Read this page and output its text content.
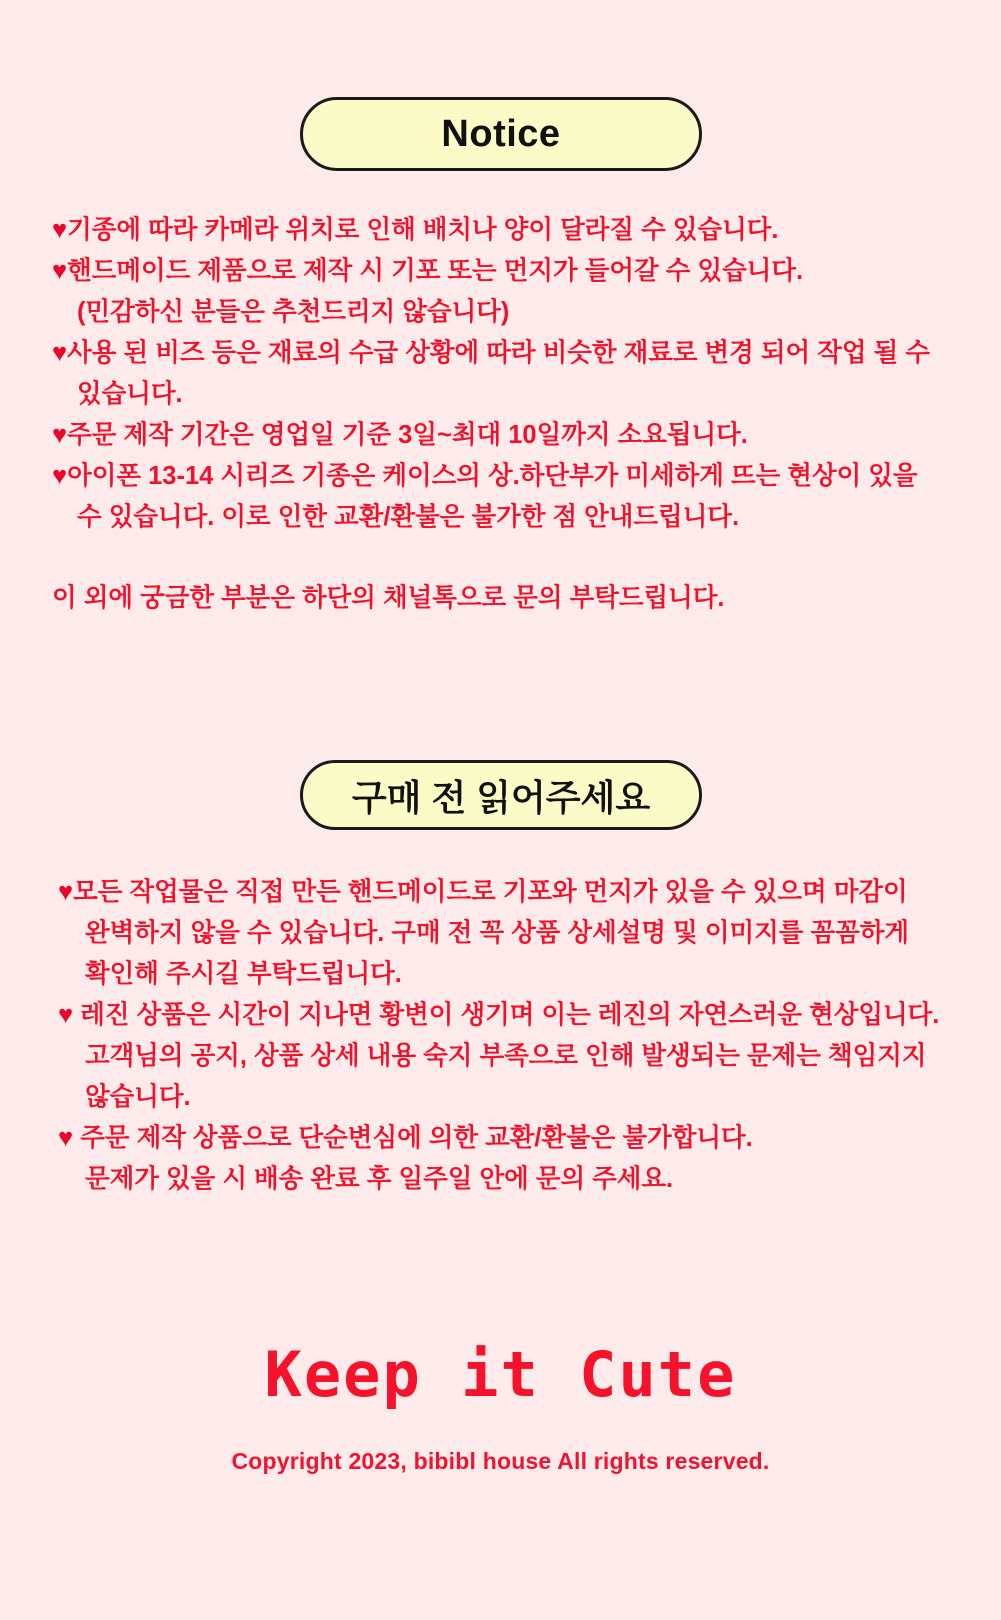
Notice
♥기종에 따라 카메라 위치로 인해 배치나 양이 달라질 수 있습니다.
♥핸드메이드 제품으로 제작 시 기포 또는 먼지가 들어갈 수 있습니다.
(민감하신 분들은 추천드리지 않습니다)
♥사용 된 비즈 등은 재료의 수급 상황에 따라 비슷한 재료로 변경 되어 작업 될 수
있습니다.
♥주문 제작 기간은 영업일 기준 3일~최대 10일까지 소요됩니다.
♥아이폰 13-14 시리즈 기종은 케이스의 상.하단부가 미세하게 뜨는 현상이 있을
수 있습니다. 이로 인한 교환/환불은 불가한 점 안내드립니다.
이 외에 궁금한 부분은 하단의 채널톡으로 문의 부탁드립니다.
구매 전 읽어주세요
♥모든 작업물은 직접 만든 핸드메이드로 기포와 먼지가 있을 수 있으며 마감이
완벽하지 않을 수 있습니다. 구매 전 꼭 상품 상세설명 및 이미지를 꼼꼼하게
확인해 주시길 부탁드립니다.
♥ 레진 상품은 시간이 지나면 황변이 생기며 이는 레진의 자연스러운 현상입니다.
고객님의 공지, 상품 상세 내용 숙지 부족으로 인해 발생되는 문제는 책임지지
않습니다.
♥ 주문 제작 상품으로 단순변심에 의한 교환/환불은 불가합니다.
문제가 있을 시 배송 완료 후 일주일 안에 문의 주세요.
Keep it Cute
Copyright 2023, bibibl house All rights reserved.
